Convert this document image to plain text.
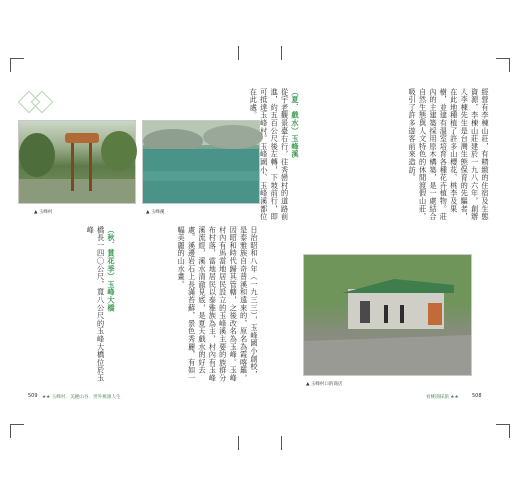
▲ 玉峰村
▲	玉峰溪

日治昭和八年（一九三三），玉峰國小創校，是泰雅族自奇普溪和遠來的，原名為霞喀羅，因昭和時代歸其管轄，之後改名為玉峰。玉峰村內有馬當地居民設立的玉峰溪主要的族群分布村落，當地居民以泰雅族為主，村內有玉峰溪流經，溪水清澈見底，是夏天戲水的好去處。溪邊岩石上長滿苔蘚，景色秀麗，有如一幅美麗的山水畫。

（秋．賞花季）玉峰大橋

橋長一四〇公尺，寬八公尺的玉峰大橋位於玉峰

★★ 玉峰村．美麗山谷．世外桃源人生
509

經營有李棟山莊，有精緻的住宿及生態資源，李棟山莊建於一九八六年，創辦人李棟先生是台灣生態保育的先驅者，在此地種植了許多山櫻花、桃李及果樹，並建有溫室培育各種花卉植物。莊內的主建築採用原木構築，是一處結合自然生態與人文特色的休閒渡假山莊，吸引了許多遊客前來造訪。

（夏．戲水）玉峰溪

從宇老觀景臺右行，往秀巒村的道路前進，約五百公尺後左轉，下坡前行，即可抵達玉峰村。玉峰國小、玉峰溪都位在此處。

▲ 玉峰村口的商店
看桃園採旅 ★★	508
